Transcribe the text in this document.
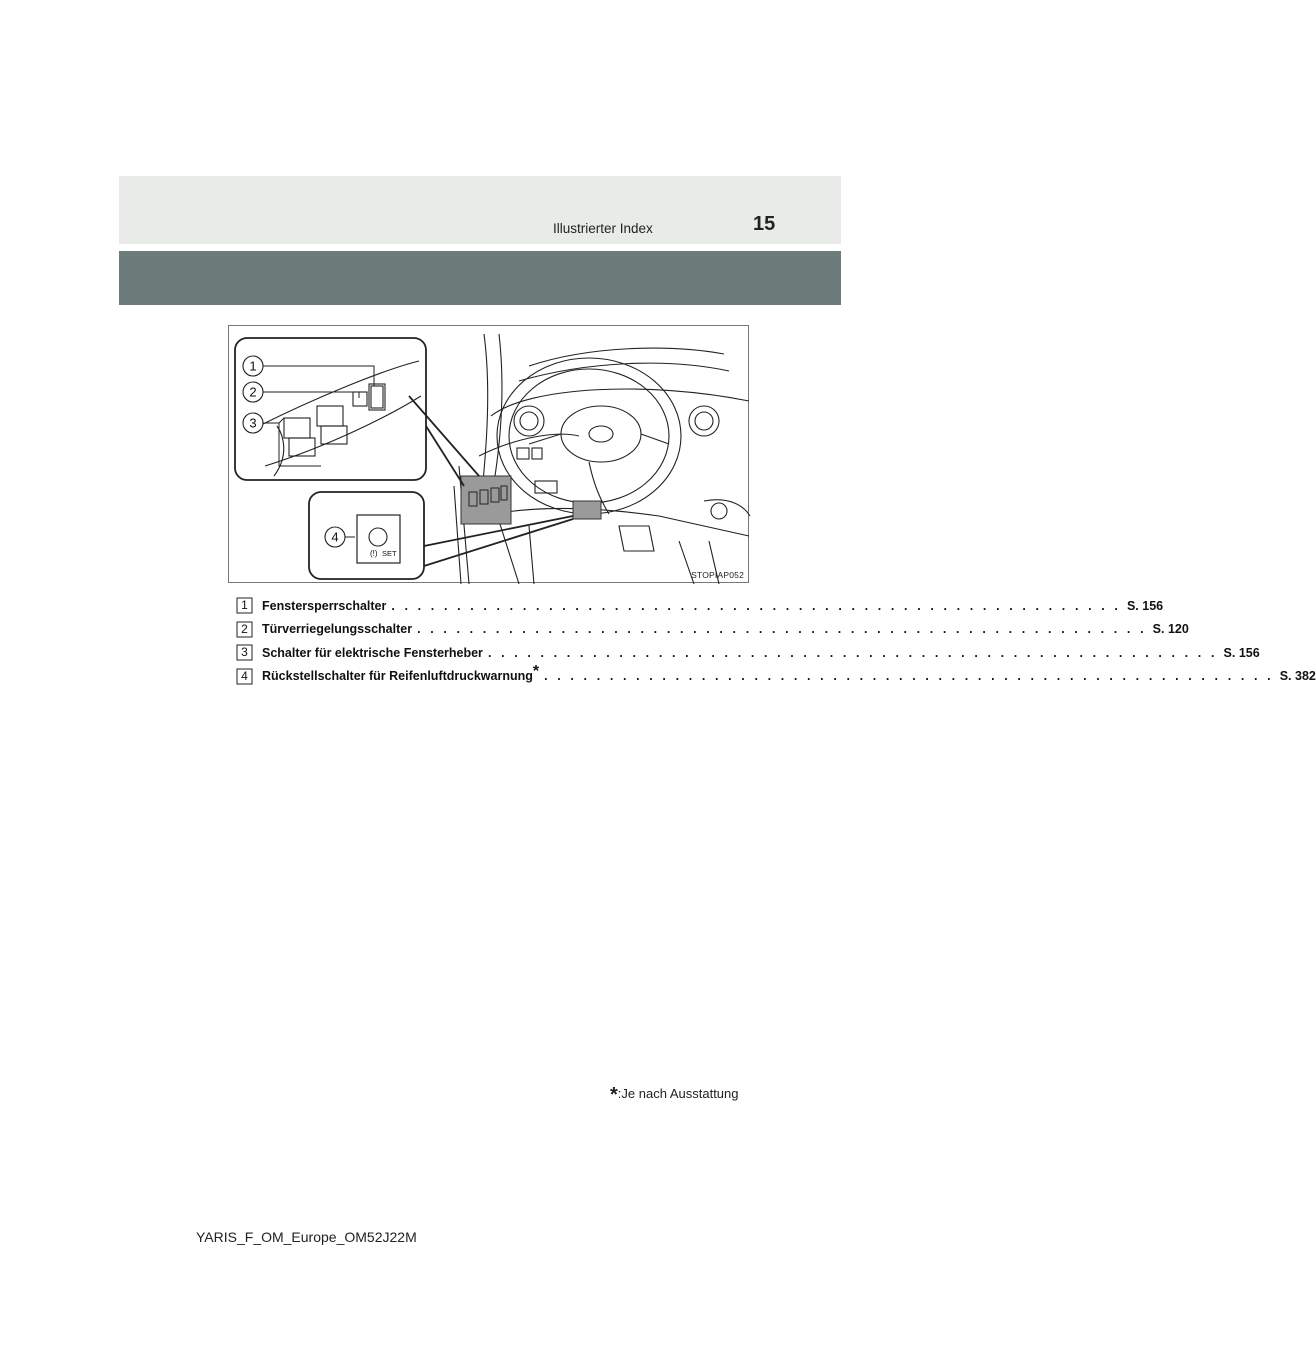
Illustrierter Index	15
1
2
3
(!) SET
4
STOPIAP052
1	Fenstersperrschalter . . . . . . . . . . . . . . . . . . . . . . . . . . . . . . . . . . . . . . . . . . . . . . . . . . . . . . . . S. 156
2	Türverriegelungsschalter . . . . . . . . . . . . . . . . . . . . . . . . . . . . . . . . . . . . . . . . . . . . . . . . . . . . . . . . S. 120
3	Schalter für elektrische Fensterheber . . . . . . . . . . . . . . . . . . . . . . . . . . . . . . . . . . . . . . . . . . . . . . . . . . . . . . . . S. 156
4	Rückstellschalter für Reifenluftdruckwarnung* . . . . . . . . . . . . . . . . . . . . . . . . . . . . . . . . . . . . . . . . . . . . . . . . . . . . . . . . S. 382
*:Je nach Ausstattung
YARIS_F_OM_Europe_OM52J22M
